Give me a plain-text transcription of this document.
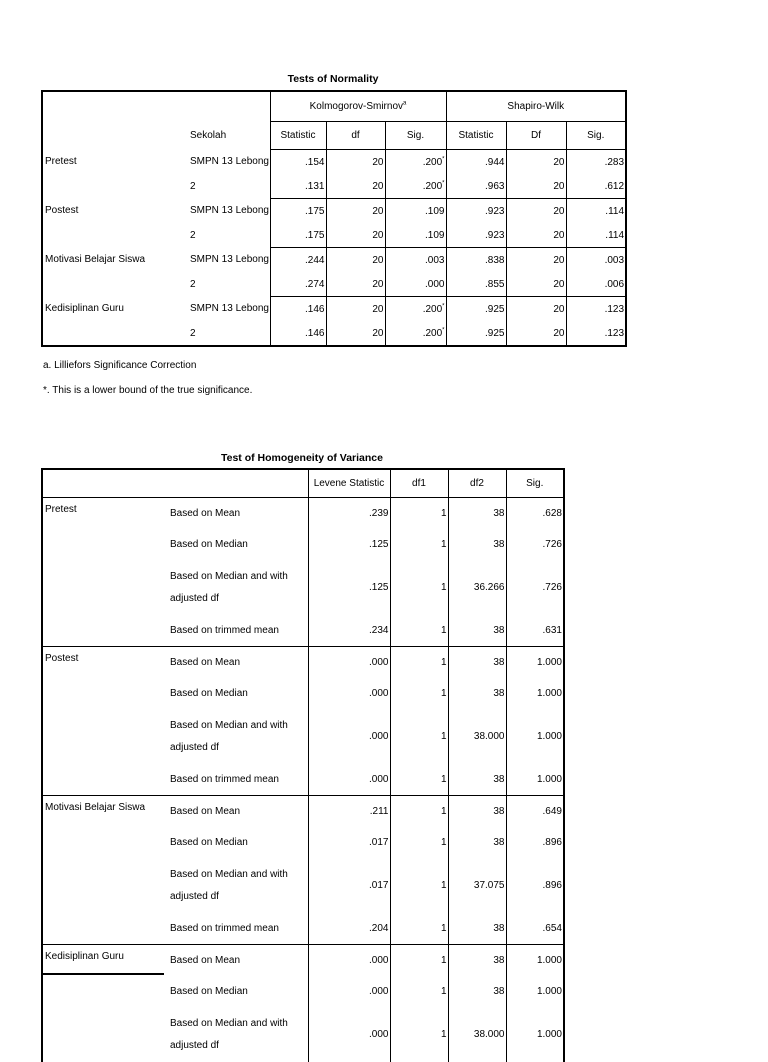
Tests of Normality
		Kolmogorov-Smirnov$^a$			Shapiro-Wilk		
	Sekolah	Statistic	df	Sig.	Statistic	Df	Sig.
Pretest	SMPN 13 Lebong	.154	20	.200*	.944	20	.283
	2	.131	20	.200*	.963	20	.612
Postest	SMPN 13 Lebong	.175	20	.109	.923	20	.114
	2	.175	20	.109	.923	20	.114
Motivasi Belajar Siswa	SMPN 13 Lebong	.244	20	.003	.838	20	.003
	2	.274	20	.000	.855	20	.006
Kedisiplinan Guru	SMPN 13 Lebong	.146	20	.200*	.925	20	.123
	2	.146	20	.200*	.925	20	.123
a. Lilliefors Significance Correction
*. This is a lower bound of the true significance.
Test of Homogeneity of Variance
		Levene Statistic	df1	df2	Sig.
Pretest	Based on Mean	.239	1	38	.628
	Based on Median	.125	1	38	.726
	Based on Median and with adjusted df	.125	1	36.266	.726
	Based on trimmed mean	.234	1	38	.631
Postest	Based on Mean	.000	1	38	1.000
	Based on Median	.000	1	38	1.000
	Based on Median and with adjusted df	.000	1	38.000	1.000
	Based on trimmed mean	.000	1	38	1.000
Motivasi Belajar Siswa	Based on Mean	.211	1	38	.649
	Based on Median	.017	1	38	.896
	Based on Median and with adjusted df	.017	1	37.075	.896
	Based on trimmed mean	.204	1	38	.654
Kedisiplinan Guru	Based on Mean	.000	1	38	1.000
	Based on Median	.000	1	38	1.000
	Based on Median and with adjusted df	.000	1	38.000	1.000
